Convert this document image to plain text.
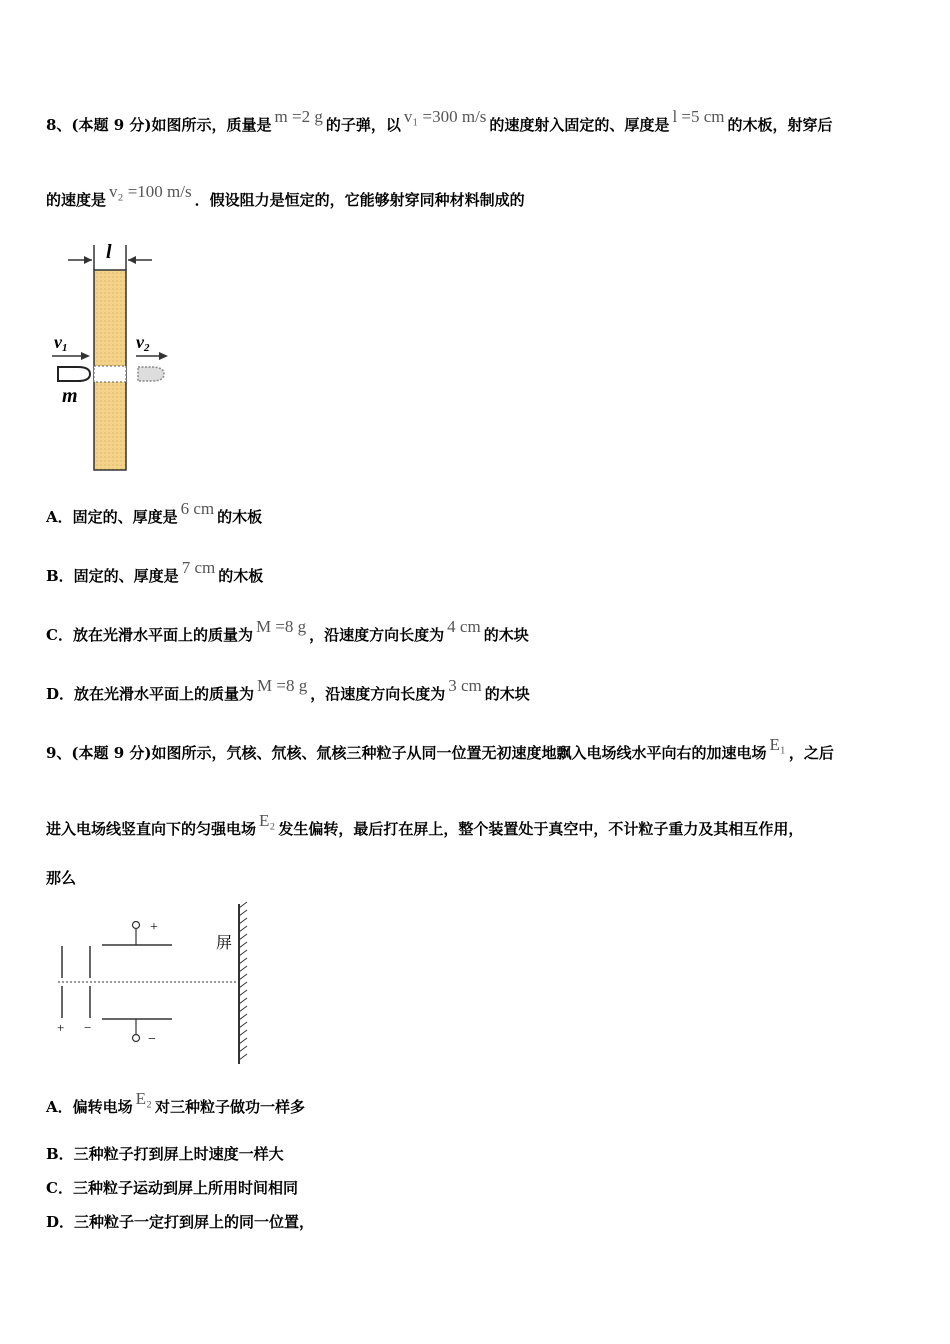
8、(本题 9 分)如图所示，质量是 m =2 g 的子弹，以 v₁ =300 m/s 的速度射入固定的、厚度是 l =5 cm 的木板，射穿后
的速度是 v₂ =100 m/s ．假设阻力是恒定的，它能够射穿同种材料制成的
l
v1	v2
m
A．固定的、厚度是 6 cm 的木板
B．固定的、厚度是 7 cm 的木板
C．放在光滑水平面上的质量为 M =8 g ，沿速度方向长度为 4 cm 的木块
D．放在光滑水平面上的质量为 M =8 g ，沿速度方向长度为 3 cm 的木块
9、(本题 9 分)如图所示，氕核、氘核、氚核三种粒子从同一位置无初速度地飘入电场线水平向右的加速电场 E₁ ，之后
进入电场线竖直向下的匀强电场 E₂ 发生偏转，最后打在屏上，整个装置处于真空中，不计粒子重力及其相互作用，
那么
+ −
+
−
屏
A．偏转电场 E₂ 对三种粒子做功一样多
B．三种粒子打到屏上时速度一样大
C．三种粒子运动到屏上所用时间相同
D．三种粒子一定打到屏上的同一位置，
